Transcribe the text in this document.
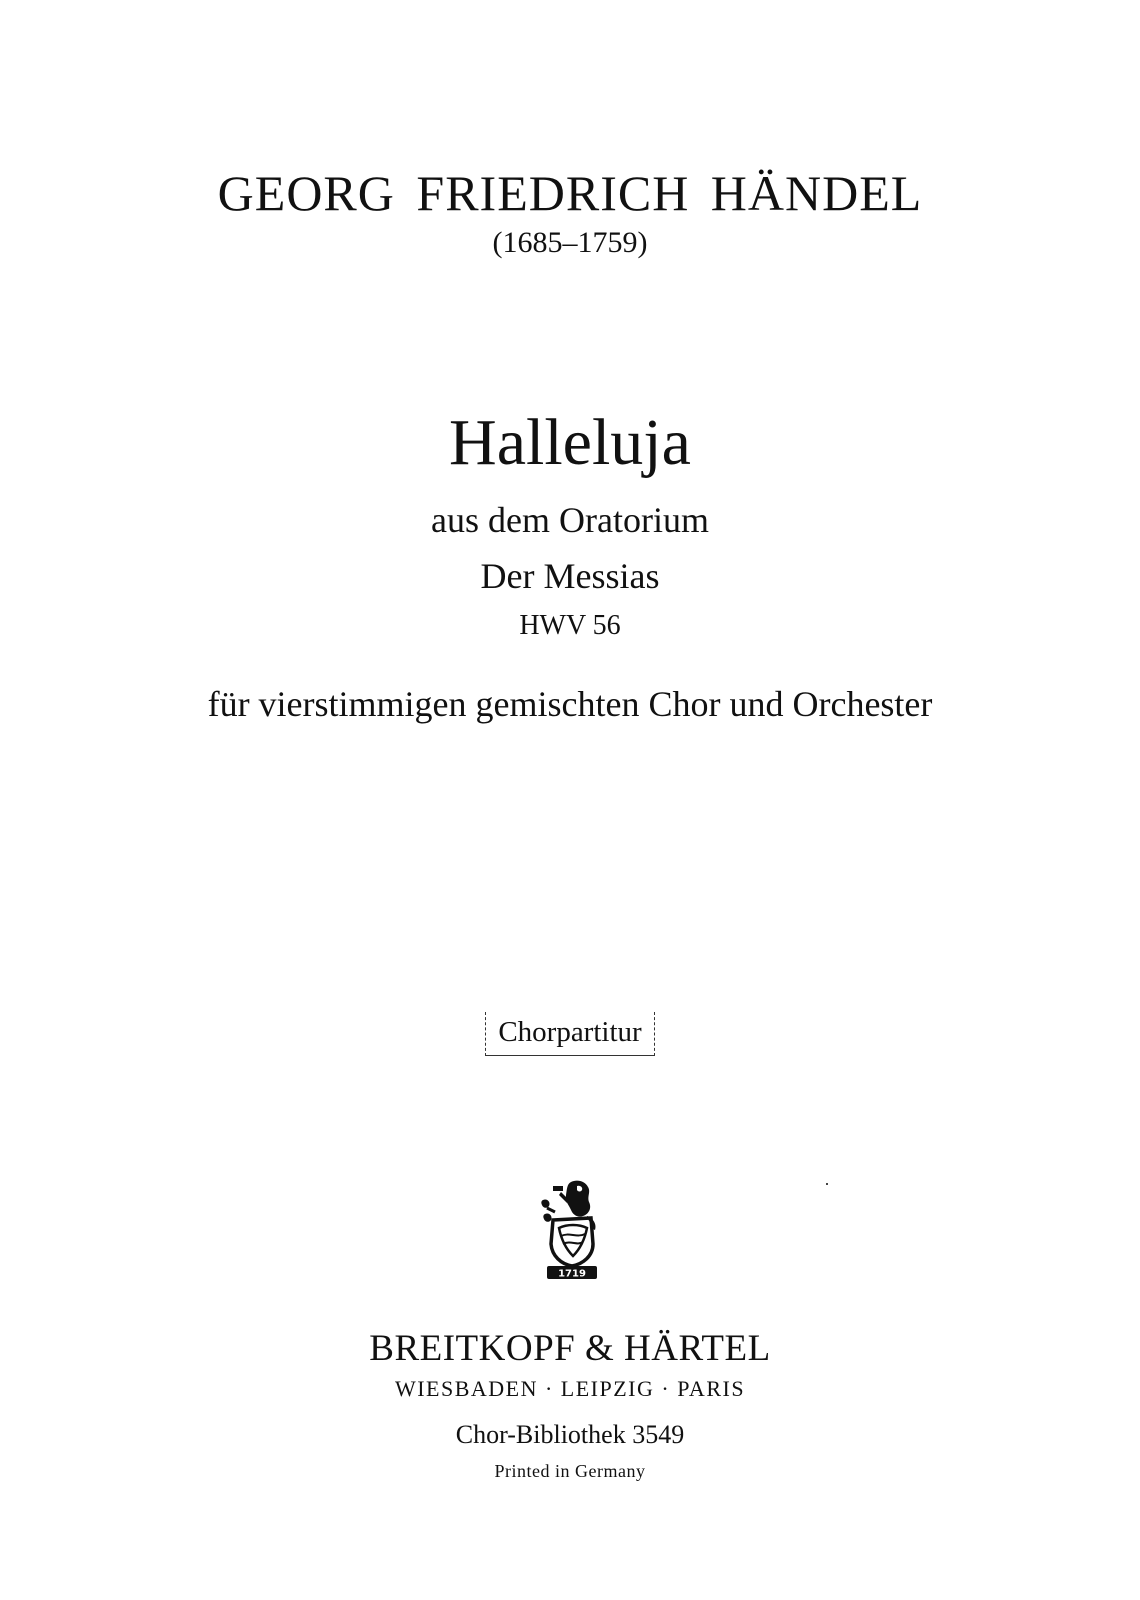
GEORG FRIEDRICH HÄNDEL
(1685–1759)
Halleluja
aus dem Oratorium
Der Messias
HWV 56
für vierstimmigen gemischten Chor und Orchester
Chorpartitur
1719
BREITKOPF & HÄRTEL
WIESBADEN · LEIPZIG · PARIS
Chor-Bibliothek 3549
Printed in Germany
